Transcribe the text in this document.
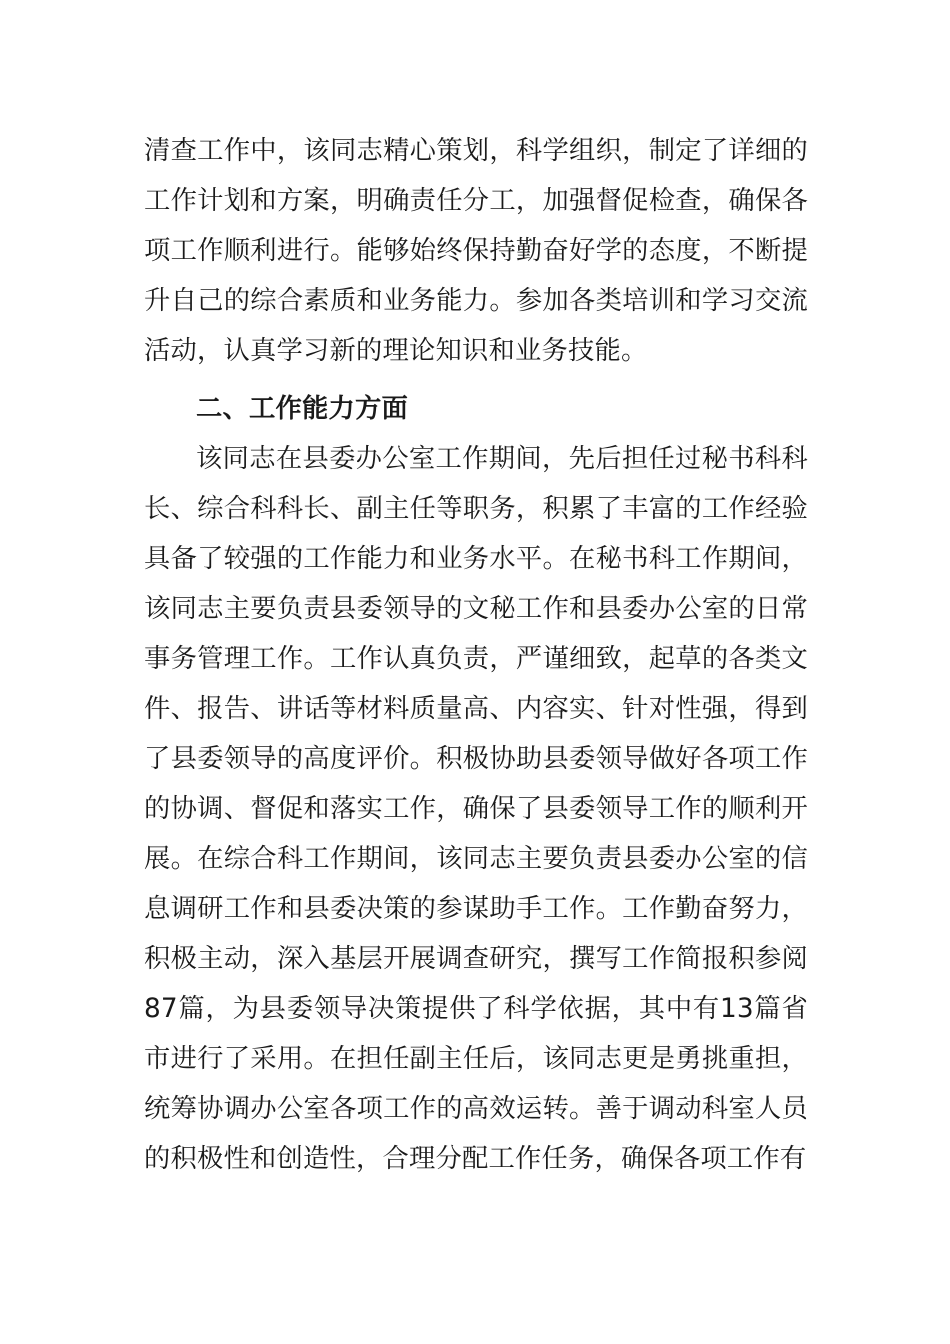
清查工作中，该同志精心策划，科学组织，制定了详细的工作计划和方案，明确责任分工，加强督促检查，确保各项工作顺利进行。能够始终保持勤奋好学的态度，不断提升自己的综合素质和业务能力。参加各类培训和学习交流活动，认真学习新的理论知识和业务技能。

二、工作能力方面

该同志在县委办公室工作期间，先后担任过秘书科科长、综合科科长、副主任等职务，积累了丰富的工作经验具备了较强的工作能力和业务水平。在秘书科工作期间，该同志主要负责县委领导的文秘工作和县委办公室的日常事务管理工作。工作认真负责，严谨细致，起草的各类文件、报告、讲话等材料质量高、内容实、针对性强，得到了县委领导的高度评价。积极协助县委领导做好各项工作的协调、督促和落实工作，确保了县委领导工作的顺利开展。在综合科工作期间，该同志主要负责县委办公室的信息调研工作和县委决策的参谋助手工作。工作勤奋努力，积极主动，深入基层开展调查研究，撰写工作简报积参阅87篇，为县委领导决策提供了科学依据，其中有13篇省市进行了采用。在担任副主任后，该同志更是勇挑重担，统筹协调办公室各项工作的高效运转。善于调动科室人员的积极性和创造性，合理分配工作任务，确保各项工作有
